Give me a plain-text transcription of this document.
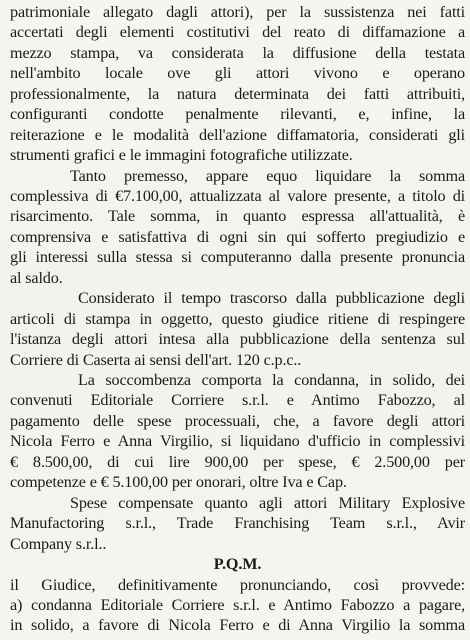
patrimoniale allegato dagli attori), per la sussistenza nei fatti
accertati degli elementi costitutivi del reato di diffamazione a
mezzo stampa, va considerata la diffusione della testata
nell'ambito locale ove gli attori vivono e operano
professionalmente, la natura determinata dei fatti attribuiti,
configuranti condotte penalmente rilevanti, e, infine, la
reiterazione e le modalità dell'azione diffamatoria, considerati gli
strumenti grafici e le immagini fotografiche utilizzate.
Tanto premesso, appare equo liquidare la somma
complessiva di €7.100,00, attualizzata al valore presente, a titolo di
risarcimento. Tale somma, in quanto espressa all'attualità, è
comprensiva e satisfattiva di ogni sin qui sofferto pregiudizio e
gli interessi sulla stessa si computeranno dalla presente pronuncia
al saldo.
Considerato il tempo trascorso dalla pubblicazione degli
articoli di stampa in oggetto, questo giudice ritiene di respingere
l'istanza degli attori intesa alla pubblicazione della sentenza sul
Corriere di Caserta ai sensi dell'art. 120 c.p.c..
La soccombenza comporta la condanna, in solido, dei
convenuti Editoriale Corriere s.r.l. e Antimo Fabozzo, al
pagamento delle spese processuali, che, a favore degli attori
Nicola Ferro e Anna Virgilio, si liquidano d'ufficio in complessivi
€ 8.500,00, di cui lire 900,00 per spese, € 2.500,00 per
competenze e € 5.100,00 per onorari, oltre Iva e Cap.
Spese compensate quanto agli attori Military Explosive
Manufactoring s.r.l., Trade Franchising Team s.r.l., Avir
Company s.r.l..
P.Q.M.
il Giudice, definitivamente pronunciando, così provvede:
a) condanna Editoriale Corriere s.r.l. e Antimo Fabozzo a pagare,
in solido, a favore di Nicola Ferro e di Anna Virgilio la somma
